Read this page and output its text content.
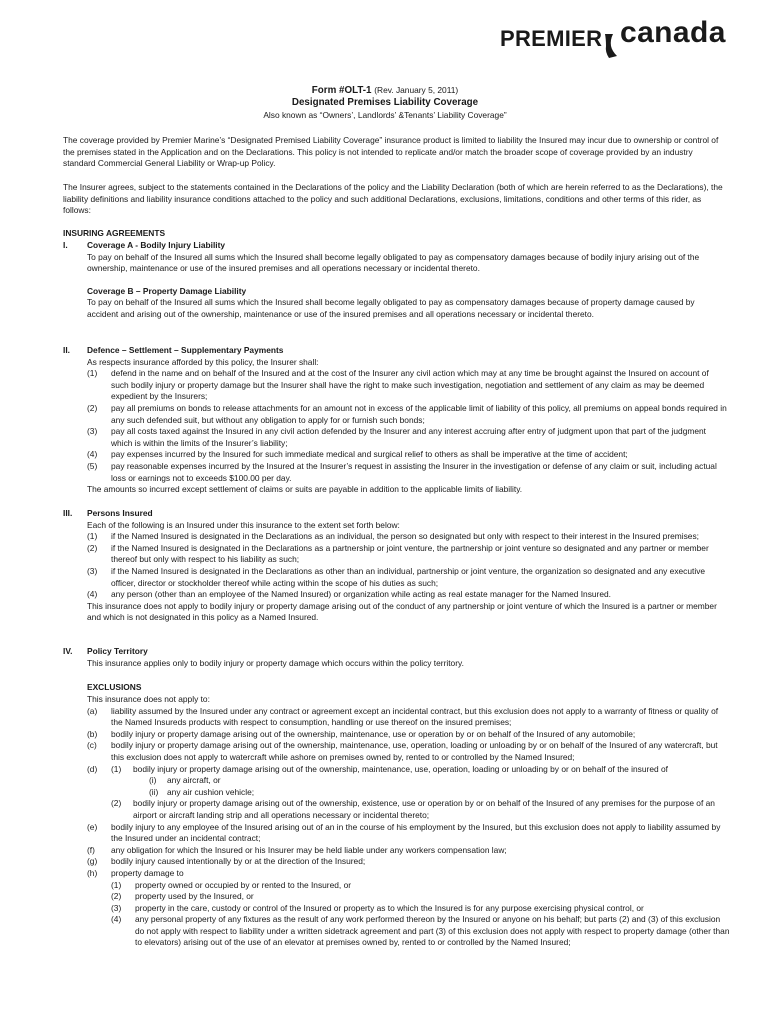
PREMIER canada
Form #OLT-1 (Rev. January 5, 2011)
Designated Premises Liability Coverage
Also known as “Owners’, Landlords’ &Tenants’ Liability Coverage”
The coverage provided by Premier Marine’s “Designated Premised Liability Coverage” insurance product is limited to liability the Insured may incur due to ownership or control of the premises stated in the Application and on the Declarations. This policy is not intended to replicate and/or match the broader scope of coverage provided by an industry standard Commercial General Liability or Wrap-up Policy.
The Insurer agrees, subject to the statements contained in the Declarations of the policy and the Liability Declaration (both of which are herein referred to as the Declarations), the liability definitions and liability insurance conditions attached to the policy and such additional Declarations, exclusions, limitations, conditions and other terms of this rider, as follows:
INSURING AGREEMENTS
I. Coverage A - Bodily Injury Liability
To pay on behalf of the Insured all sums which the Insured shall become legally obligated to pay as compensatory damages because of bodily injury arising out of the ownership, maintenance or use of the insured premises and all operations necessary or incidental thereto.
Coverage B – Property Damage Liability
To pay on behalf of the Insured all sums which the Insured shall become legally obligated to pay as compensatory damages because of property damage caused by accident and arising out of the ownership, maintenance or use of the insured premises and all operations necessary or incidental thereto.
II. Defence – Settlement – Supplementary Payments
As respects insurance afforded by this policy, the Insurer shall:
(1) defend in the name and on behalf of the Insured and at the cost of the Insurer any civil action which may at any time be brought against the Insured on account of such bodily injury or property damage but the Insurer shall have the right to make such investigation, negotiation and settlement of any claim as may be deemed expedient by the Insurers;
(2) pay all premiums on bonds to release attachments for an amount not in excess of the applicable limit of liability of this policy, all premiums on appeal bonds required in any such defended suit, but without any obligation to apply for or furnish such bonds;
(3) pay all costs taxed against the Insured in any civil action defended by the Insurer and any interest accruing after entry of judgment upon that part of the judgment which is within the limits of the Insurer’s liability;
(4) pay expenses incurred by the Insured for such immediate medical and surgical relief to others as shall be imperative at the time of accident;
(5) pay reasonable expenses incurred by the Insured at the Insurer’s request in assisting the Insurer in the investigation or defense of any claim or suit, including actual loss or earnings not to exceeds $100.00 per day.
The amounts so incurred except settlement of claims or suits are payable in addition to the applicable limits of liability.
III. Persons Insured
Each of the following is an Insured under this insurance to the extent set forth below:
(1) if the Named Insured is designated in the Declarations as an individual, the person so designated but only with respect to their interest in the Insured premises;
(2) if the Named Insured is designated in the Declarations as a partnership or joint venture, the partnership or joint venture so designated and any partner or member thereof but only with respect to his liability as such;
(3) if the Named Insured is designated in the Declarations as other than an individual, partnership or joint venture, the organization so designated and any executive officer, director or stockholder thereof while acting within the scope of his duties as such;
(4) any person (other than an employee of the Named Insured) or organization while acting as real estate manager for the Named Insured.
This insurance does not apply to bodily injury or property damage arising out of the conduct of any partnership or joint venture of which the Insured is a partner or member and which is not designated in this policy as a Named Insured.
IV. Policy Territory
This insurance applies only to bodily injury or property damage which occurs within the policy territory.
EXCLUSIONS
This insurance does not apply to:
(a) liability assumed by the Insured under any contract or agreement except an incidental contract, but this exclusion does not apply to a warranty of fitness or quality of the Named Insureds products with respect to consumption, handling or use thereof on the insured premises;
(b) bodily injury or property damage arising out of the ownership, maintenance, use or operation by or on behalf of the Insured of any automobile;
(c) bodily injury or property damage arising out of the ownership, maintenance, use, operation, loading or unloading by or on behalf of the Insured of any watercraft, but this exclusion does not apply to watercraft while ashore on premises owned by, rented to or controlled by the Named Insured;
(d) (1) bodily injury or property damage arising out of the ownership, maintenance, use, operation, loading or unloading by or on behalf of the insured of
(i) any aircraft, or
(ii) any air cushion vehicle;
(2) bodily injury or property damage arising out of the ownership, existence, use or operation by or on behalf of the Insured of any premises for the purpose of an airport or aircraft landing strip and all operations necessary or incidental thereto;
(e) bodily injury to any employee of the Insured arising out of an in the course of his employment by the Insured, but this exclusion does not apply to liability assumed by the Insured under an incidental contract;
(f) any obligation for which the Insured or his Insurer may be held liable under any workers compensation law;
(g) bodily injury caused intentionally by or at the direction of the Insured;
(h) property damage to
(1) property owned or occupied by or rented to the Insured, or
(2) property used by the Insured, or
(3) property in the care, custody or control of the Insured or property as to which the Insured is for any purpose exercising physical control, or
(4) any personal property of any fixtures as the result of any work performed thereon by the Insured or anyone on his behalf; but parts (2) and (3) of this exclusion do not apply with respect to liability under a written sidetrack agreement and part (3) of this exclusion does not apply with respect to property damage (other than to elevators) arising out of the use of an elevator at premises owned by, rented to or controlled by the Named Insured;
